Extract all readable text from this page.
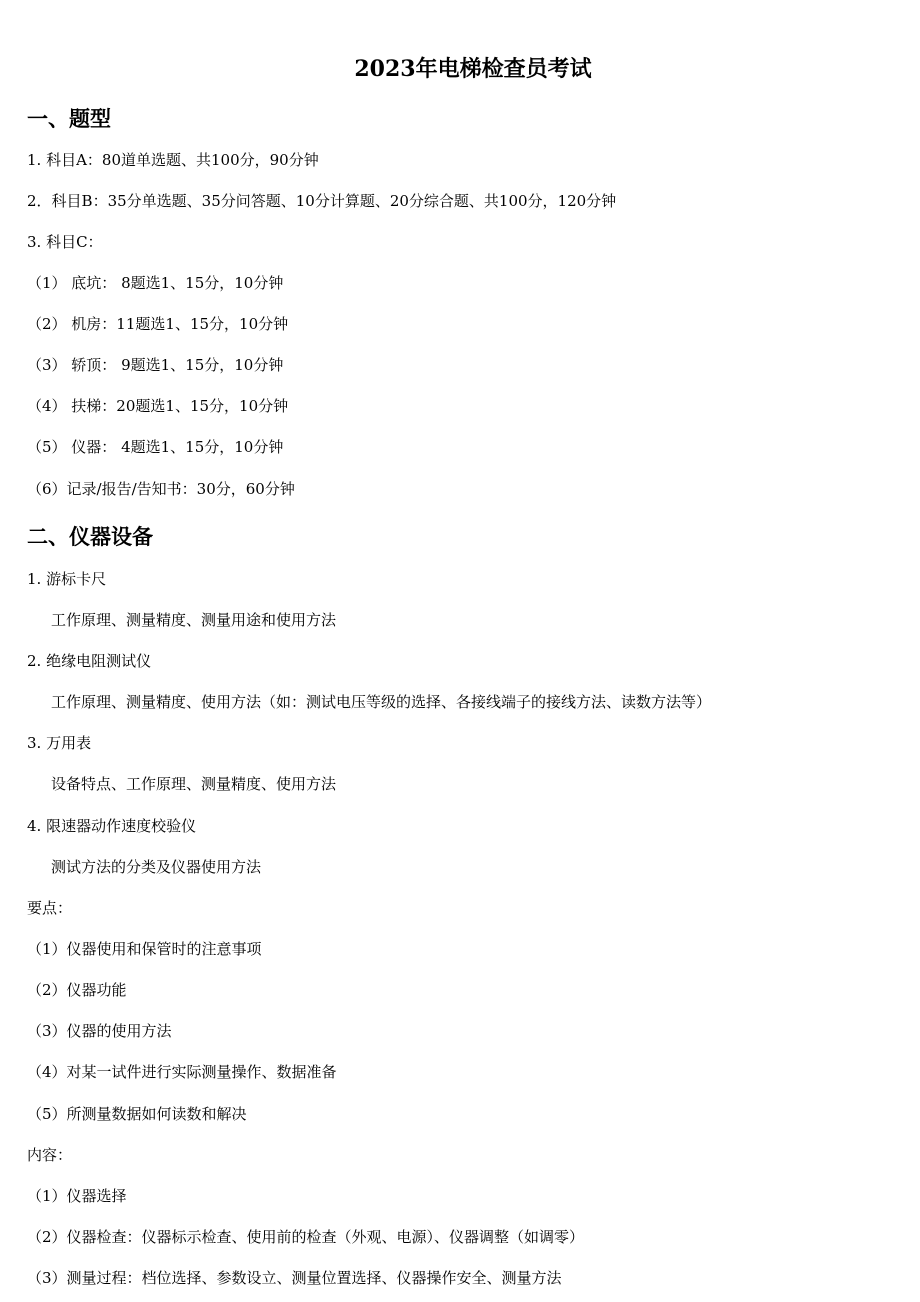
2023年电梯检查员考试
一、题型

1. 科目A：80道单选题、共100分，90分钟

2．科目B：35分单选题、35分问答题、10分计算题、20分综合题、共100分，120分钟

3. 科目C：

（1） 底坑： 8题选1、15分，10分钟

（2） 机房：11题选1、15分，10分钟

（3） 轿顶： 9题选1、15分，10分钟

（4） 扶梯：20题选1、15分，10分钟

（5） 仪器： 4题选1、15分，10分钟

（6）记录/报告/告知书：30分，60分钟

二、仪器设备

1. 游标卡尺

工作原理、测量精度、测量用途和使用方法

2. 绝缘电阻测试仪

工作原理、测量精度、使用方法（如：测试电压等级的选择、各接线端子的接线方法、读数方法等）

3. 万用表

设备特点、工作原理、测量精度、使用方法

4. 限速器动作速度校验仪

测试方法的分类及仪器使用方法

要点：

（1）仪器使用和保管时的注意事项

（2）仪器功能

（3）仪器的使用方法

（4）对某一试件进行实际测量操作、数据准备

（5）所测量数据如何读数和解决

内容：

（1）仪器选择

（2）仪器检查：仪器标示检查、使用前的检查（外观、电源）、仪器调整（如调零）

（3）测量过程：档位选择、参数设立、测量位置选择、仪器操作安全、测量方法
